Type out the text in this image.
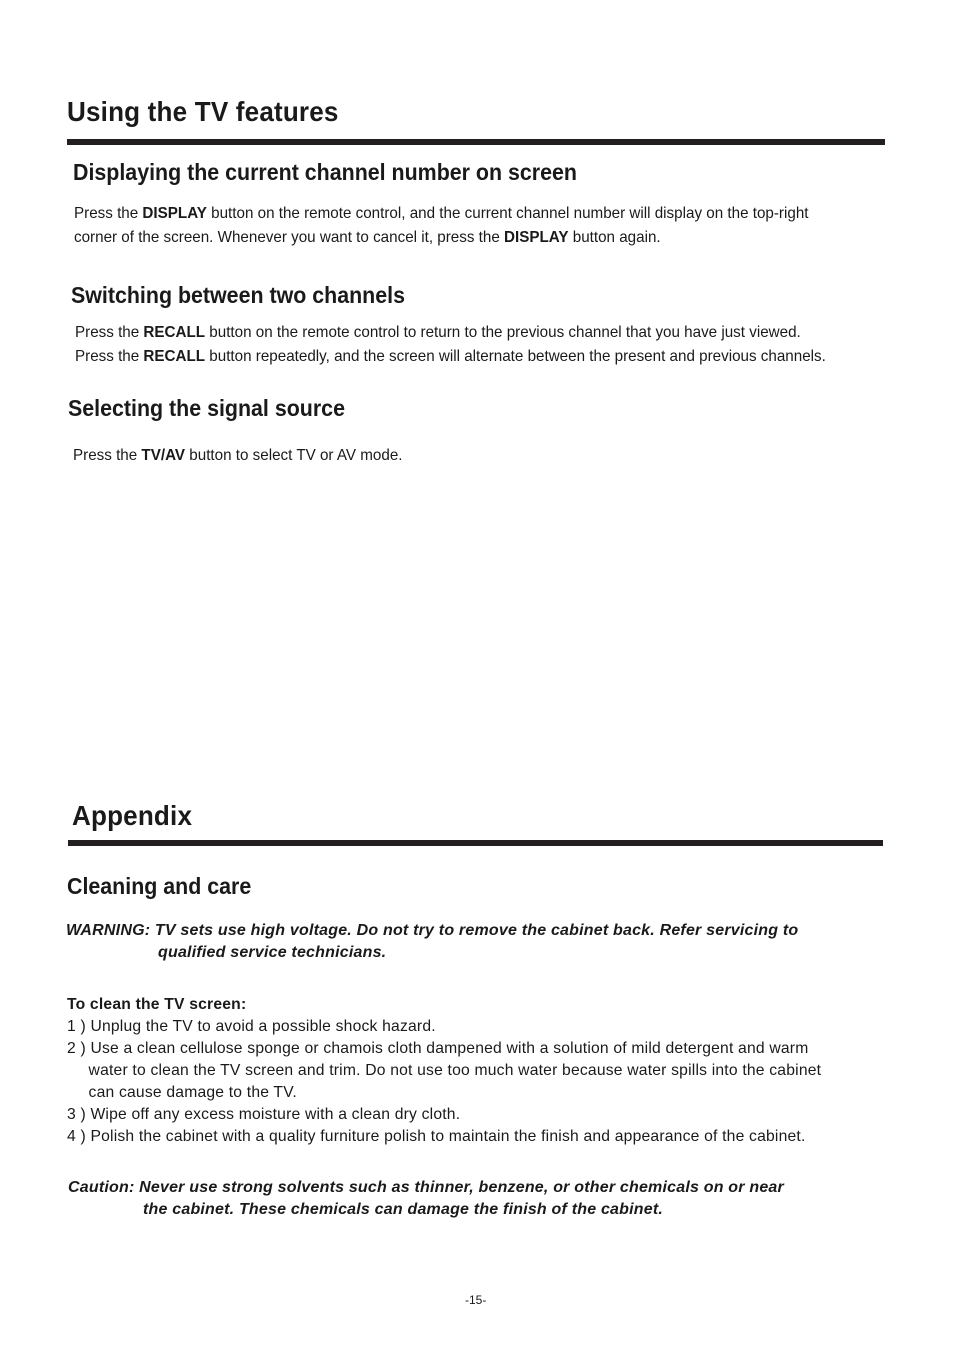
Using the TV features
Displaying the current channel number on screen
Press the DISPLAY button on the remote control, and the current channel number will display on the top-right
corner of the screen. Whenever you want to cancel it, press the DISPLAY button again.
Switching between two channels
Press the RECALL button on the remote control to return to the previous channel that you have just viewed.
Press the RECALL button repeatedly, and the screen will alternate between the present and previous channels.
Selecting the signal source
Press the TV/AV button to select TV or AV mode.
Appendix
Cleaning and care
WARNING: TV sets use high voltage. Do not try to remove the cabinet back. Refer servicing to
qualified service technicians.
To clean the TV screen:
1 ) Unplug the TV to avoid a possible shock hazard.
2 ) Use a clean cellulose sponge or chamois cloth dampened with a solution of mild detergent and warm
water to clean the TV screen and trim. Do not use too much water because water spills into the cabinet
can cause damage to the TV.
3 ) Wipe off any excess moisture with a clean dry cloth.
4 ) Polish the cabinet with a quality furniture polish to maintain the finish and appearance of the cabinet.
Caution: Never use strong solvents such as thinner, benzene, or other chemicals on or near
the cabinet. These chemicals can damage the finish of the cabinet.
-15-
